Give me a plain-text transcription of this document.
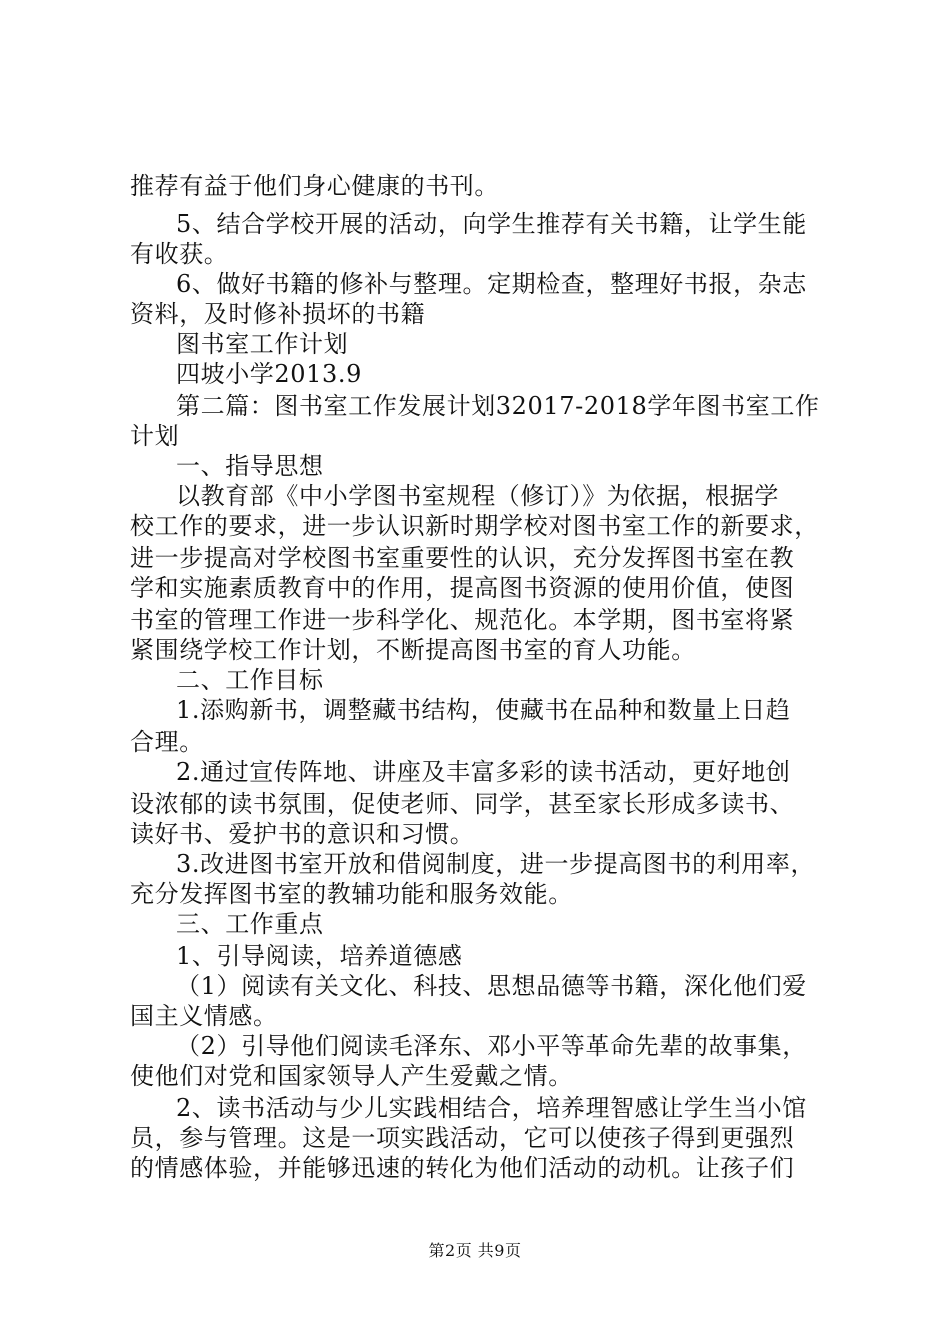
推荐有益于他们身心健康的书刊。
5、结合学校开展的活动，向学生推荐有关书籍，让学生能
有收获。
6、做好书籍的修补与整理。定期检查，整理好书报，杂志
资料，及时修补损坏的书籍
图书室工作计划
四坡小学2013.9
第二篇：图书室工作发展计划32017-2018学年图书室工作
计划
一、指导思想
以教育部《中小学图书室规程（修订）》为依据，根据学
校工作的要求，进一步认识新时期学校对图书室工作的新要求，
进一步提高对学校图书室重要性的认识，充分发挥图书室在教
学和实施素质教育中的作用，提高图书资源的使用价值，使图
书室的管理工作进一步科学化、规范化。本学期，图书室将紧
紧围绕学校工作计划，不断提高图书室的育人功能。
二、工作目标
1.添购新书，调整藏书结构，使藏书在品种和数量上日趋
合理。
2.通过宣传阵地、讲座及丰富多彩的读书活动，更好地创
设浓郁的读书氛围，促使老师、同学，甚至家长形成多读书、
读好书、爱护书的意识和习惯。
3.改进图书室开放和借阅制度，进一步提高图书的利用率，
充分发挥图书室的教辅功能和服务效能。
三、工作重点
1、引导阅读，培养道德感
（1）阅读有关文化、科技、思想品德等书籍，深化他们爱
国主义情感。
（2）引导他们阅读毛泽东、邓小平等革命先辈的故事集，
使他们对党和国家领导人产生爱戴之情。
2、读书活动与少儿实践相结合，培养理智感让学生当小馆
员，参与管理。这是一项实践活动，它可以使孩子得到更强烈
的情感体验，并能够迅速的转化为他们活动的动机。让孩子们
第2页 共9页
